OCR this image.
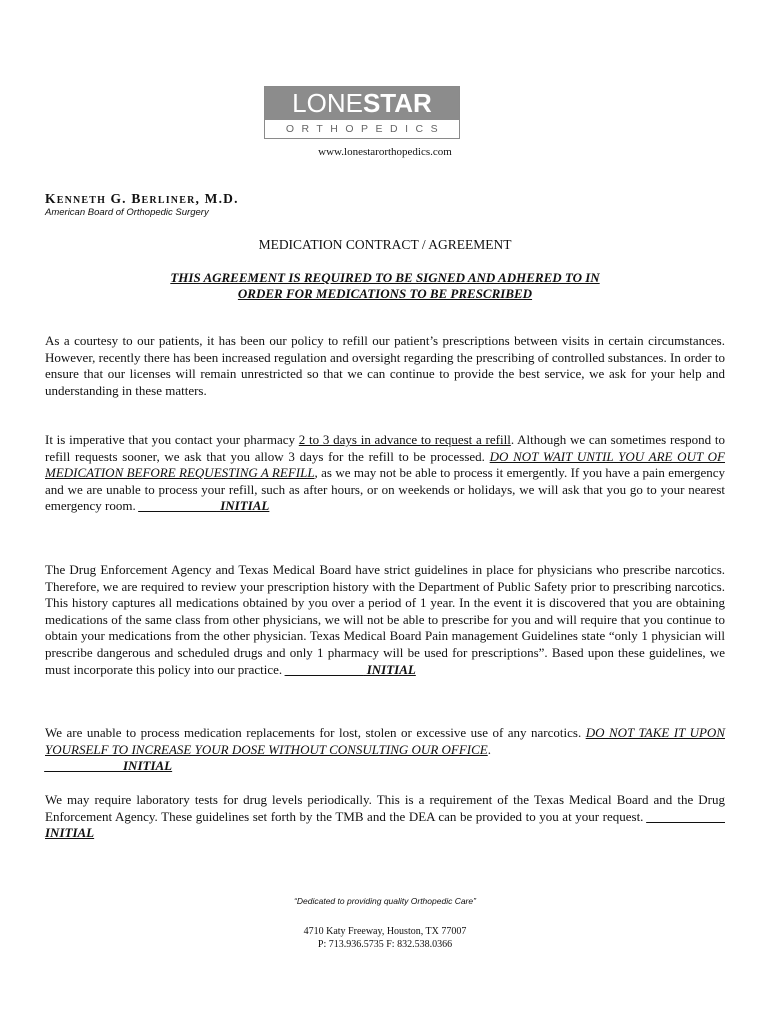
LONESTAR
ORTHOPEDICS
www.lonestarorthopedics.com
KENNETH G. BERLINER, M.D.
American Board of Orthopedic Surgery
MEDICATION CONTRACT / AGREEMENT
THIS AGREEMENT IS REQUIRED TO BE SIGNED AND ADHERED TO IN
ORDER FOR MEDICATIONS TO BE PRESCRIBED
As a courtesy to our patients, it has been our policy to refill our patient’s prescriptions between visits in certain circumstances. However, recently there has been increased regulation and oversight regarding the prescribing of controlled substances. In order to ensure that our licenses will remain unrestricted so that we can continue to provide the best service, we ask for your help and understanding in these matters.
It is imperative that you contact your pharmacy 2 to 3 days in advance to request a refill. Although we can sometimes respond to refill requests sooner, we ask that you allow 3 days for the refill to be processed. DO NOT WAIT UNTIL YOU ARE OUT OF MEDICATION BEFORE REQUESTING A REFILL, as we may not be able to process it emergently. If you have a pain emergency and we are unable to process your refill, such as after hours, or on weekends or holidays, we will ask that you go to your nearest emergency room. ____________ INITIAL
The Drug Enforcement Agency and Texas Medical Board have strict guidelines in place for physicians who prescribe narcotics. Therefore, we are required to review your prescription history with the Department of Public Safety prior to prescribing narcotics. This history captures all medications obtained by you over a period of 1 year. In the event it is discovered that you are obtaining medications of the same class from other physicians, we will not be able to prescribe for you and will require that you continue to obtain your medications from the other physician. Texas Medical Board Pain management Guidelines state “only 1 physician will prescribe dangerous and scheduled drugs and only 1 pharmacy will be used for prescriptions”. Based upon these guidelines, we must incorporate this policy into our practice. ____________ INITIAL
We are unable to process medication replacements for lost, stolen or excessive use of any narcotics. DO NOT TAKE IT UPON YOURSELF TO INCREASE YOUR DOSE WITHOUT CONSULTING OUR OFFICE.
____________INITIAL
We may require laboratory tests for drug levels periodically. This is a requirement of the Texas Medical Board and the Drug Enforcement Agency. These guidelines set forth by the TMB and the DEA can be provided to you at your request. ____________ INITIAL
“Dedicated to providing quality Orthopedic Care”
4710 Katy Freeway, Houston, TX 77007
P: 713.936.5735 F: 832.538.0366
